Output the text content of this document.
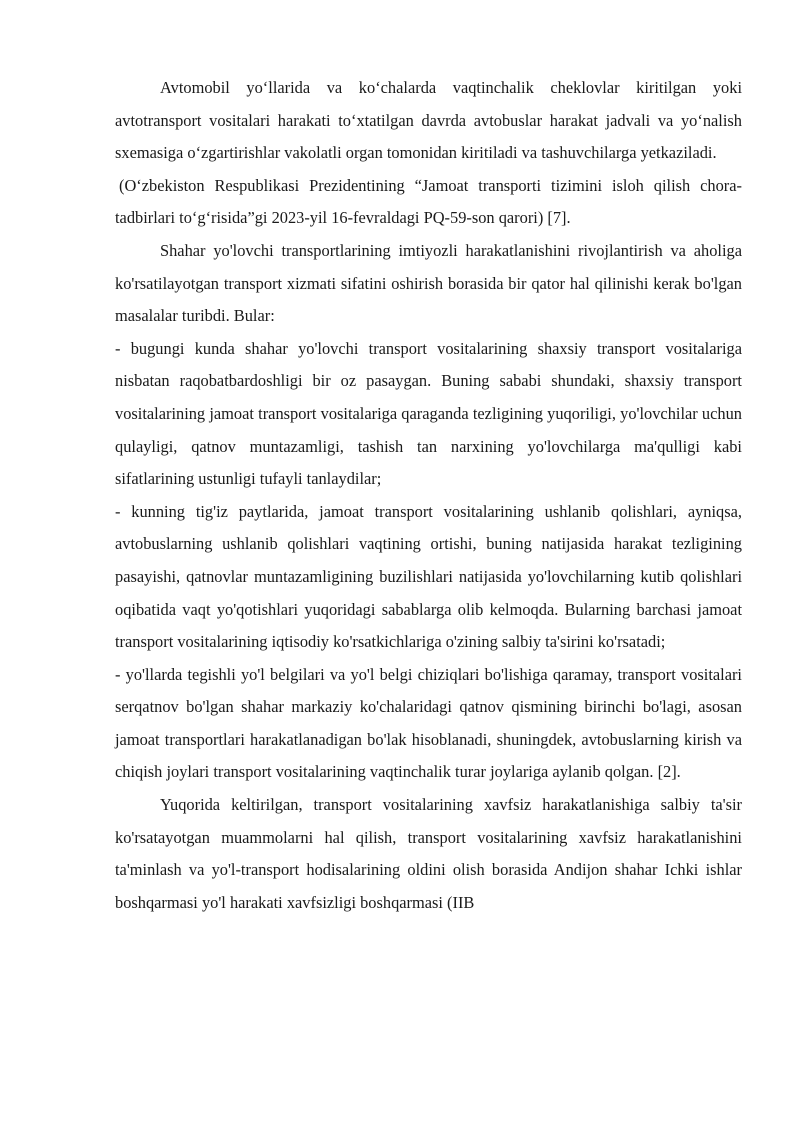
Avtomobil yo‘llarida va ko‘chalarda vaqtinchalik cheklovlar kiritilgan yoki avtotransport vositalari harakati to‘xtatilgan davrda avtobuslar harakat jadvali va yo‘nalish sxemasiga o‘zgartirishlar vakolatli organ tomonidan kiritiladi va tashuvchilarga yetkaziladi.

(O‘zbekiston Respublikasi Prezidentining “Jamoat transporti tizimini isloh qilish chora-tadbirlari to‘g‘risida”gi 2023-yil 16-fevraldagi PQ-59-son qarori) [7].

Shahar yo'lovchi transportlarining imtiyozli harakatlanishini rivojlantirish va aholiga ko'rsatilayotgan transport xizmati sifatini oshirish borasida bir qator hal qilinishi kerak bo'lgan masalalar turibdi. Bular:

- bugungi kunda shahar yo'lovchi transport vositalarining shaxsiy transport vositalariga nisbatan raqobatbardoshligi bir oz pasaygan. Buning sababi shundaki, shaxsiy transport vositalarining jamoat transport vositalariga qaraganda tezligining yuqoriligi, yo'lovchilar uchun qulayligi, qatnov muntazamligi, tashish tan narxining yo'lovchilarga ma'qulligi kabi sifatlarining ustunligi tufayli tanlaydilar;

- kunning tig'iz paytlarida, jamoat transport vositalarining ushlanib qolishlari, ayniqsa, avtobuslarning ushlanib qolishlari vaqtining ortishi, buning natijasida harakat tezligining pasayishi, qatnovlar muntazamligining buzilishlari natijasida yo'lovchilarning kutib qolishlari oqibatida vaqt yo'qotishlari yuqoridagi sabablarga olib kelmoqda. Bularning barchasi jamoat transport vositalarining iqtisodiy ko'rsatkichlariga o'zining salbiy ta'sirini ko'rsatadi;

- yo'llarda tegishli yo'l belgilari va yo'l belgi chiziqlari bo'lishiga qaramay, transport vositalari serqatnov bo'lgan shahar markaziy ko'chalaridagi qatnov qismining birinchi bo'lagi, asosan jamoat transportlari harakatlanadigan bo'lak hisoblanadi, shuningdek, avtobuslarning kirish va chiqish joylari transport vositalarining vaqtinchalik turar joylariga aylanib qolgan. [2].

Yuqorida keltirilgan, transport vositalarining xavfsiz harakatlanishiga salbiy ta'sir ko'rsatayotgan muammolarni hal qilish, transport vositalarining xavfsiz harakatlanishini ta'minlash va yo'l-transport hodisalarining oldini olish borasida Andijon shahar Ichki ishlar boshqarmasi yo'l harakati xavfsizligi boshqarmasi (IIB
